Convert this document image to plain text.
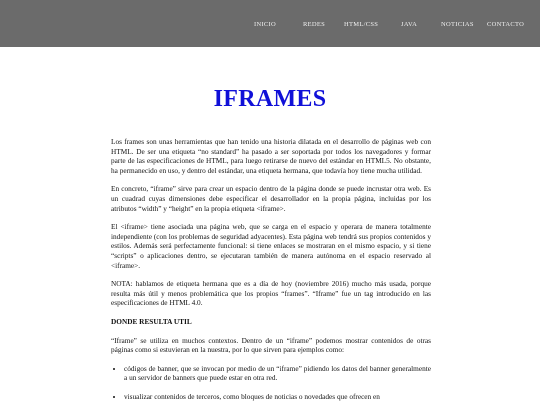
INICIO	REDES	HTML/CSS	JAVA	NOTICIAS CONTACTO
IFRAMES

Los frames son unas herramientas que han tenido una historia dilatada en el desarrollo de páginas web con HTML. De ser una etiqueta “no standard” ha pasado a ser soportada por todos los navegadores y formar parte de las especificaciones de HTML, para luego retirarse de nuevo del estándar en HTML5. No obstante, ha permanecido en uso, y dentro del estándar, una etiqueta hermana, que todavía hoy tiene mucha utilidad.

En concreto, “iframe” sirve para crear un espacio dentro de la página donde se puede incrustar otra web. Es un cuadrad cuyas dimensiones debe especificar el desarrollador en la propia página, incluidas por los atributos “width” y “height” en la propia etiqueta <iframe>.

El <iframe> tiene asociada una página web, que se carga en el espacio y operara de manera totalmente independiente (con los problemas de seguridad adyacentes). Esta página web tendrá sus propios contenidos y estilos. Además será perfectamente funcional: si tiene enlaces se mostraran en el mismo espacio, y si tiene “scripts” o aplicaciones dentro, se ejecutaran también de manera autónoma en el espacio reservado al <iframe>.

NOTA: hablamos de etiqueta hermana que es a día de hoy (noviembre 2016) mucho más usada, porque resulta más útil y menos problemática que los propios “frames”. “Iframe” fue un tag introducido en las especificaciones de HTML 4.0.

DONDE RESULTA UTIL

“Iframe” se utiliza en muchos contextos. Dentro de un “iframe” podemos mostrar contenidos de otras páginas como si estuvieran en la nuestra, por lo que sirven para ejemplos como:

• códigos de banner, que se invocan por medio de un “iframe” pidiendo los datos del banner generalmente a un servidor de banners que puede estar en otra red.
• visualizar contenidos de terceros, como bloques de noticias o novedades que ofrecen en
